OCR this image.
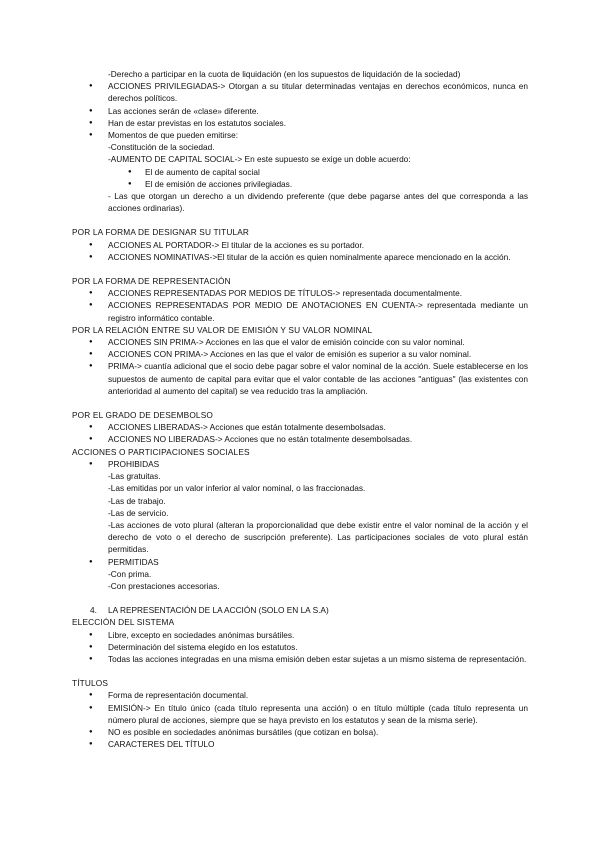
-Derecho a participar en la cuota de liquidación (en los supuestos de liquidación de la sociedad)
● ACCIONES PRIVILEGIADAS-> Otorgan a su titular determinadas ventajas en derechos económicos, nunca en derechos políticos.
● Las acciones serán de «clase» diferente.
● Han de estar previstas en los estatutos sociales.
● Momentos de que pueden emitirse:
-Constitución de la sociedad.
-AUMENTO DE CAPITAL SOCIAL-> En este supuesto se exige un doble acuerdo:
● El de aumento de capital social
● El de emisión de acciones privilegiadas.
- Las que otorgan un derecho a un dividendo preferente (que debe pagarse antes del que corresponda a las acciones ordinarias).
POR LA FORMA DE DESIGNAR SU TITULAR
● ACCIONES AL PORTADOR-> El titular de la acciones es su portador.
● ACCIONES NOMINATIVAS->El titular de la acción es quien nominalmente aparece mencionado en la acción.
POR LA FORMA DE REPRESENTACIÓN
● ACCIONES REPRESENTADAS POR MEDIOS DE TÍTULOS-> representada documentalmente.
● ACCIONES REPRESENTADAS POR MEDIO DE ANOTACIONES EN CUENTA-> representada mediante un registro informático contable.
POR LA RELACIÓN ENTRE SU VALOR DE EMISIÓN Y SU VALOR NOMINAL
● ACCIONES SIN PRIMA-> Acciones en las que el valor de emisión coincide con su valor nominal.
● ACCIONES CON PRIMA-> Acciones en las que el valor de emisión es superior a su valor nominal.
● PRIMA-> cuantía adicional que el socio debe pagar sobre el valor nominal de la acción. Suele establecerse en los supuestos de aumento de capital para evitar que el valor contable de las acciones "antiguas" (las existentes con anterioridad al aumento del capital) se vea reducido tras la ampliación.
POR EL GRADO DE DESEMBOLSO
● ACCIONES LIBERADAS-> Acciones que están totalmente desembolsadas.
● ACCIONES NO LIBERADAS-> Acciones que no están totalmente desembolsadas.
ACCIONES O PARTICIPACIONES SOCIALES
● PROHIBIDAS
-Las gratuitas.
-Las emitidas por un valor inferior al valor nominal, o las fraccionadas.
-Las de trabajo.
-Las de servicio.
-Las acciones de voto plural (alteran la proporcionalidad que debe existir entre el valor nominal de la acción y el derecho de voto o el derecho de suscripción preferente). Las participaciones sociales de voto plural están permitidas.
● PERMITIDAS
-Con prima.
-Con prestaciones accesorias.
4. LA REPRESENTACIÓN DE LA ACCIÓN (SOLO EN LA S.A)
ELECCIÓN DEL SISTEMA
● Libre, excepto en sociedades anónimas bursátiles.
● Determinación del sistema elegido en los estatutos.
● Todas las acciones integradas en una misma emisión deben estar sujetas a un mismo sistema de representación.
TÍTULOS
● Forma de representación documental.
● EMISIÓN-> En título único (cada título representa una acción) o en título múltiple (cada título representa un número plural de acciones, siempre que se haya previsto en los estatutos y sean de la misma serie).
● NO es posible en sociedades anónimas bursátiles (que cotizan en bolsa).
● CARACTERES DEL TÍTULO
